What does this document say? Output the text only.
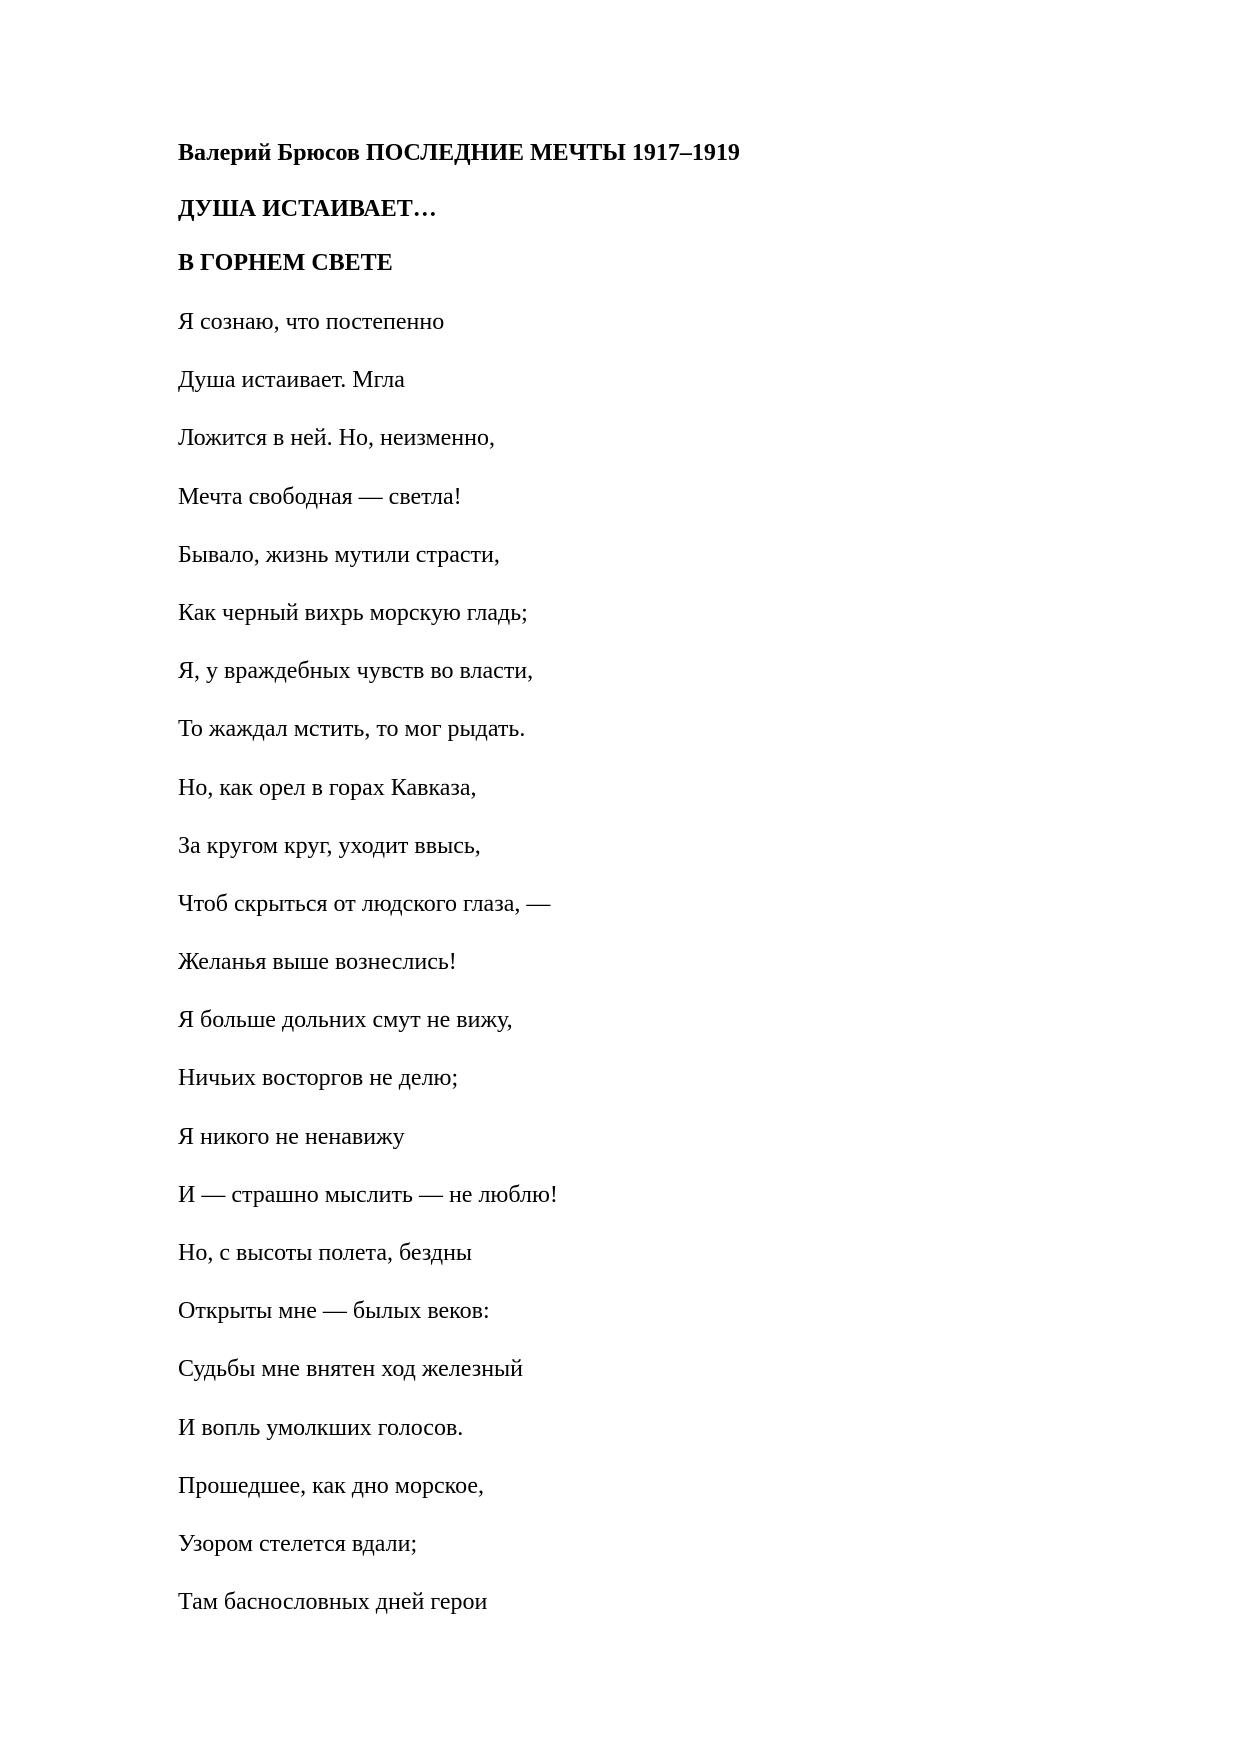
Валерий Брюсов ПОСЛЕДНИЕ МЕЧТЫ 1917–1919
ДУША ИСТАИВАЕТ…
В ГОРНЕМ СВЕТЕ
Я сознаю, что постепенно
Душа истаивает. Мгла
Ложится в ней. Но, неизменно,
Мечта свободная — светла!
Бывало, жизнь мутили страсти,
Как черный вихрь морскую гладь;
Я, у враждебных чувств во власти,
То жаждал мстить, то мог рыдать.
Но, как орел в горах Кавказа,
За кругом круг, уходит ввысь,
Чтоб скрыться от людского глаза, —
Желанья выше вознеслись!
Я больше дольних смут не вижу,
Ничьих восторгов не делю;
Я никого не ненавижу
И — страшно мыслить — не люблю!
Но, с высоты полета, бездны
Открыты мне — былых веков:
Судьбы мне внятен ход железный
И вопль умолкших голосов.
Прошедшее, как дно морское,
Узором стелется вдали;
Там баснословных дней герои
